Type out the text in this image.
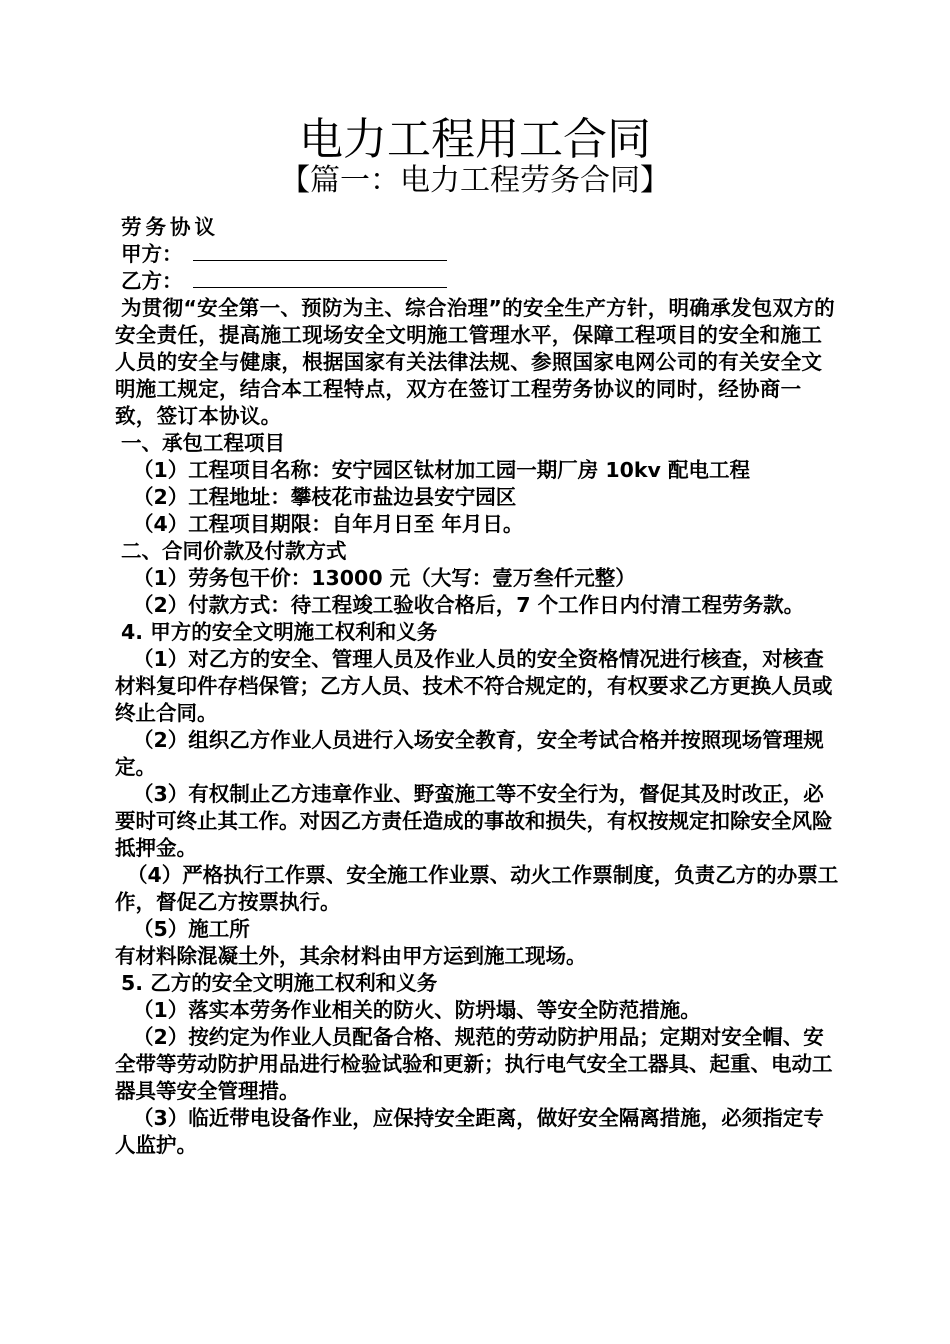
电力工程用工合同
【篇一：电力工程劳务合同】
劳务协议
甲方：
乙方：
为贯彻“安全第一、预防为主、综合治理”的安全生产方针，明确承发包双方的安全责任，提高施工现场安全文明施工管理水平，保障工程项目的安全和施工人员的安全与健康，根据国家有关法律法规、参照国家电网公司的有关安全文明施工规定，结合本工程特点，双方在签订工程劳务协议的同时，经协商一致，签订本协议。
一、承包工程项目
（1）工程项目名称：安宁园区钛材加工园一期厂房 10kv 配电工程
（2）工程地址：攀枝花市盐边县安宁园区
（4）工程项目期限：自年月日至 年月日。
二、合同价款及付款方式
（1）劳务包干价：13000 元（大写：壹万叁仟元整）
（2）付款方式：待工程竣工验收合格后，7 个工作日内付清工程劳务款。
4. 甲方的安全文明施工权利和义务
（1）对乙方的安全、管理人员及作业人员的安全资格情况进行核查，对核查材料复印件存档保管；乙方人员、技术不符合规定的，有权要求乙方更换人员或终止合同。
（2）组织乙方作业人员进行入场安全教育，安全考试合格并按照现场管理规定。
（3）有权制止乙方违章作业、野蛮施工等不安全行为，督促其及时改正，必要时可终止其工作。对因乙方责任造成的事故和损失，有权按规定扣除安全风险抵押金。
（4）严格执行工作票、安全施工作业票、动火工作票制度，负责乙方的办票工作，督促乙方按票执行。
（5）施工所
有材料除混凝土外，其余材料由甲方运到施工现场。
5. 乙方的安全文明施工权利和义务
（1）落实本劳务作业相关的防火、防坍塌、等安全防范措施。
（2）按约定为作业人员配备合格、规范的劳动防护用品；定期对安全帽、安全带等劳动防护用品进行检验试验和更新；执行电气安全工器具、起重、电动工器具等安全管理措。
（3）临近带电设备作业，应保持安全距离，做好安全隔离措施，必须指定专人监护。
